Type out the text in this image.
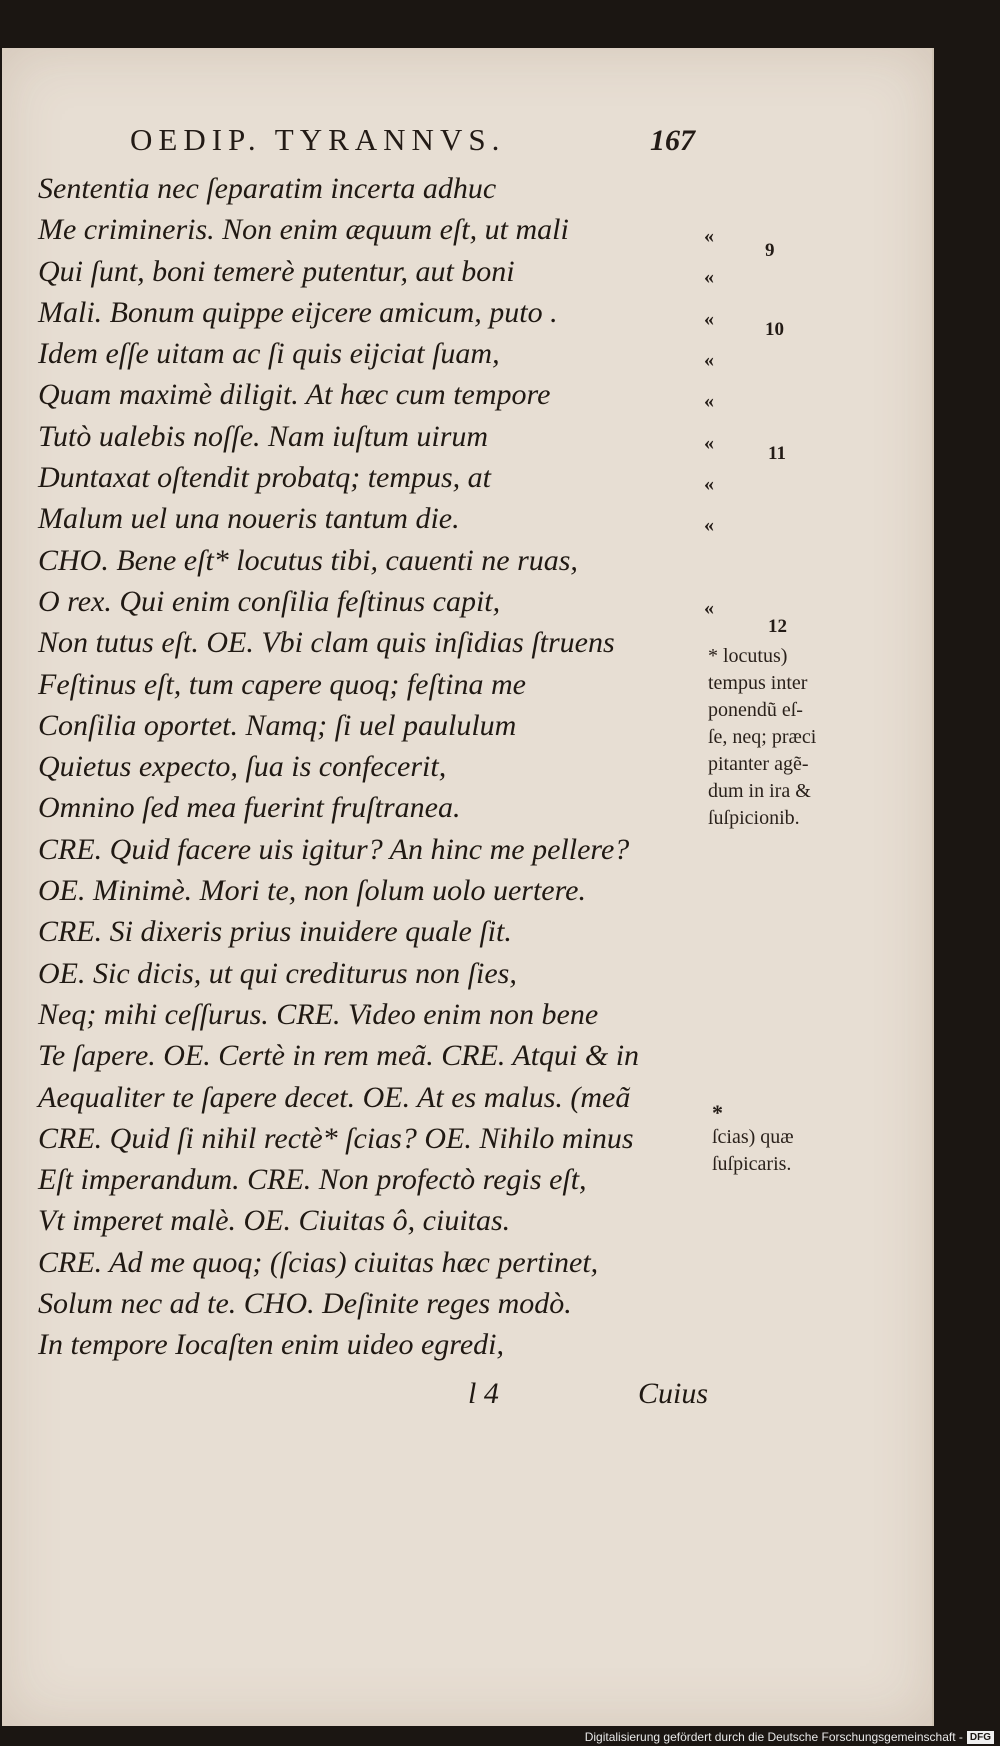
OEDIP. TYRANNVS.	167
Sententia nec ſeparatim incerta adhuc
Me crimineris. Non enim æquum eſt, ut mali
Qui ſunt, boni temerè putentur, aut boni
Mali. Bonum quippe eijcere amicum, puto .
Idem eſſe uitam ac ſi quis eijciat ſuam,
Quam maximè diligit. At hæc cum tempore
Tutò ualebis noſſe. Nam iuſtum uirum
Duntaxat oſtendit probatq; tempus, at
Malum uel una noueris tantum die.
CHO. Bene eſt* locutus tibi, cauenti ne ruas,
O rex. Qui enim conſilia feſtinus capit,
Non tutus eſt. OE. Vbi clam quis inſidias ſtruens
Feſtinus eſt, tum capere quoq; feſtina me
Conſilia oportet. Namq; ſi uel paululum
Quietus expecto, ſua is confecerit,
Omnino ſed mea fuerint fruſtranea.
CRE. Quid facere uis igitur? An hinc me pellere?
OE. Minimè. Mori te, non ſolum uolo uertere.
CRE. Si dixeris prius inuidere quale ſit.
OE. Sic dicis, ut qui crediturus non ſies,
Neq; mihi ceſſurus. CRE. Video enim non bene
Te ſapere. OE. Certè in rem meã. CRE. Atqui & in
Aequaliter te ſapere decet. OE. At es malus. (meã
CRE. Quid ſi nihil rectè* ſcias? OE. Nihilo minus
Eſt imperandum. CRE. Non profectò regis eſt,
Vt imperet malè. OE. Ciuitas ô, ciuitas.
CRE. Ad me quoq; (ſcias) ciuitas hæc pertinet,
Solum nec ad te. CHO. Deſinite reges modò.
In tempore Iocaſten enim uideo egredi,
«
«
«
«
«
«
«
«
«
9
10
11
12
* locutus)
tempus inter
ponendũ eſ-
ſe, neq; præci
pitanter agẽ-
dum in ira &
ſuſpicionib.
*
ſcias) quæ
ſuſpicaris.
l 4	Cuius
Digitalisierung gefördert durch die Deutsche Forschungsgemeinschaft - DFG
